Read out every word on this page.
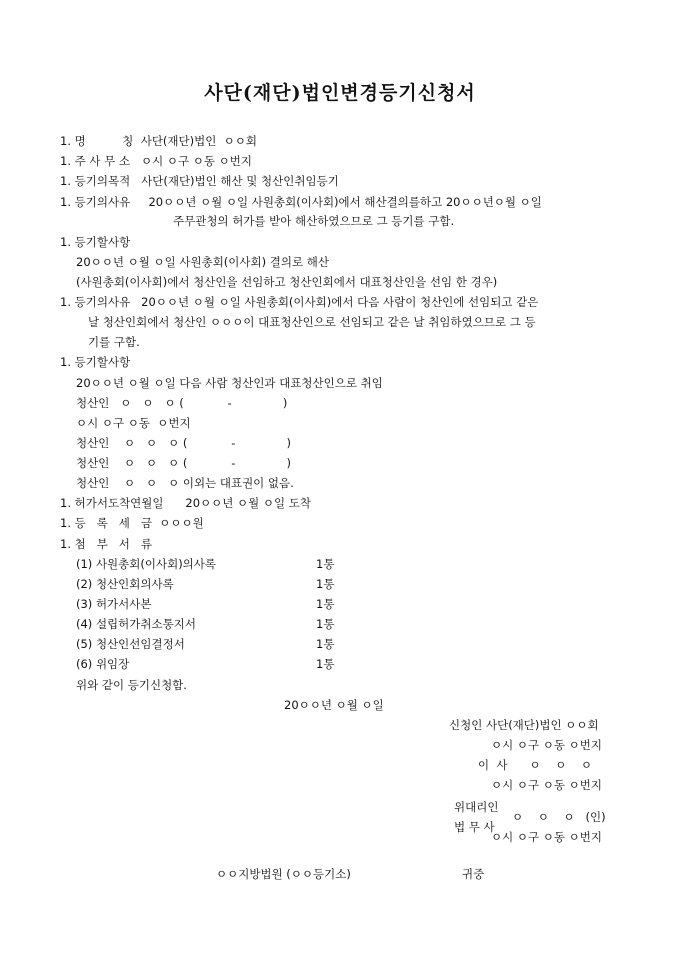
사단(재단)법인변경등기신청서
1. 명          칭  사단(재단)법인  ㅇㅇ회
1. 주 사 무 소   ㅇ시 ㅇ구 ㅇ동 ㅇ번지
1. 등기의목적   사단(재단)법인 해산 및 청산인취임등기
1. 등기의사유     20ㅇㅇ년 ㅇ월 ㅇ일 사원총회(이사회)에서 해산결의를하고 20ㅇㅇ년ㅇ월 ㅇ일
주무관청의 허가를 받아 해산하였으므로 그 등기를 구함.
1. 등기할사항
20ㅇㅇ년 ㅇ월 ㅇ일 사원총회(이사회) 결의로 해산
(사원총회(이사회)에서 청산인을 선임하고 청산인회에서 대표청산인을 선임 한 경우)
1. 등기의사유   20ㅇㅇ년 ㅇ월 ㅇ일 사원총회(이사회)에서 다음 사람이 청산인에 선임되고 같은
날 청산인회에서 청산인 ㅇㅇㅇ이 대표청산인으로 선임되고 같은 날 취임하였으므로 그 등
기를 구함.
1. 등기할사항
20ㅇㅇ년 ㅇ월 ㅇ일 다음 사람 청산인과 대표청산인으로 취임
청산인   ㅇ   ㅇ   ㅇ (            -              )
ㅇ시 ㅇ구 ㅇ동  ㅇ번지
청산인    ㅇ   ㅇ   ㅇ (            -              )
청산인    ㅇ   ㅇ   ㅇ (            -              )
청산인    ㅇ   ㅇ   ㅇ 이외는 대표권이 없음.
1. 허가서도착연월일      20ㅇㅇ년 ㅇ월 ㅇ일 도착
1. 등   록   세   금  ㅇㅇㅇ원
1. 첨   부   서   류
(1) 사원총회(이사회)의사록	1통
(2) 청산인회의사록	1통
(3) 허가서사본	1통
(4) 설립허가취소통지서	1통
(5) 청산인선임결정서	1통
(6) 위임장	1통
위와 같이 등기신청함.
20ㅇㅇ년 ㅇ월 ㅇ일
신청인 사단(재단)법인 ㅇㅇ회
ㅇ시 ㅇ구 ㅇ동 ㅇ번지
이  사      ㅇ    ㅇ    ㅇ
ㅇ시 ㅇ구 ㅇ동 ㅇ번지
위대리인
ㅇ    ㅇ    ㅇ   (인)
법 무 사
ㅇ시 ㅇ구 ㅇ동 ㅇ번지
ㅇㅇ지방법원 (ㅇㅇ등기소)	귀중
